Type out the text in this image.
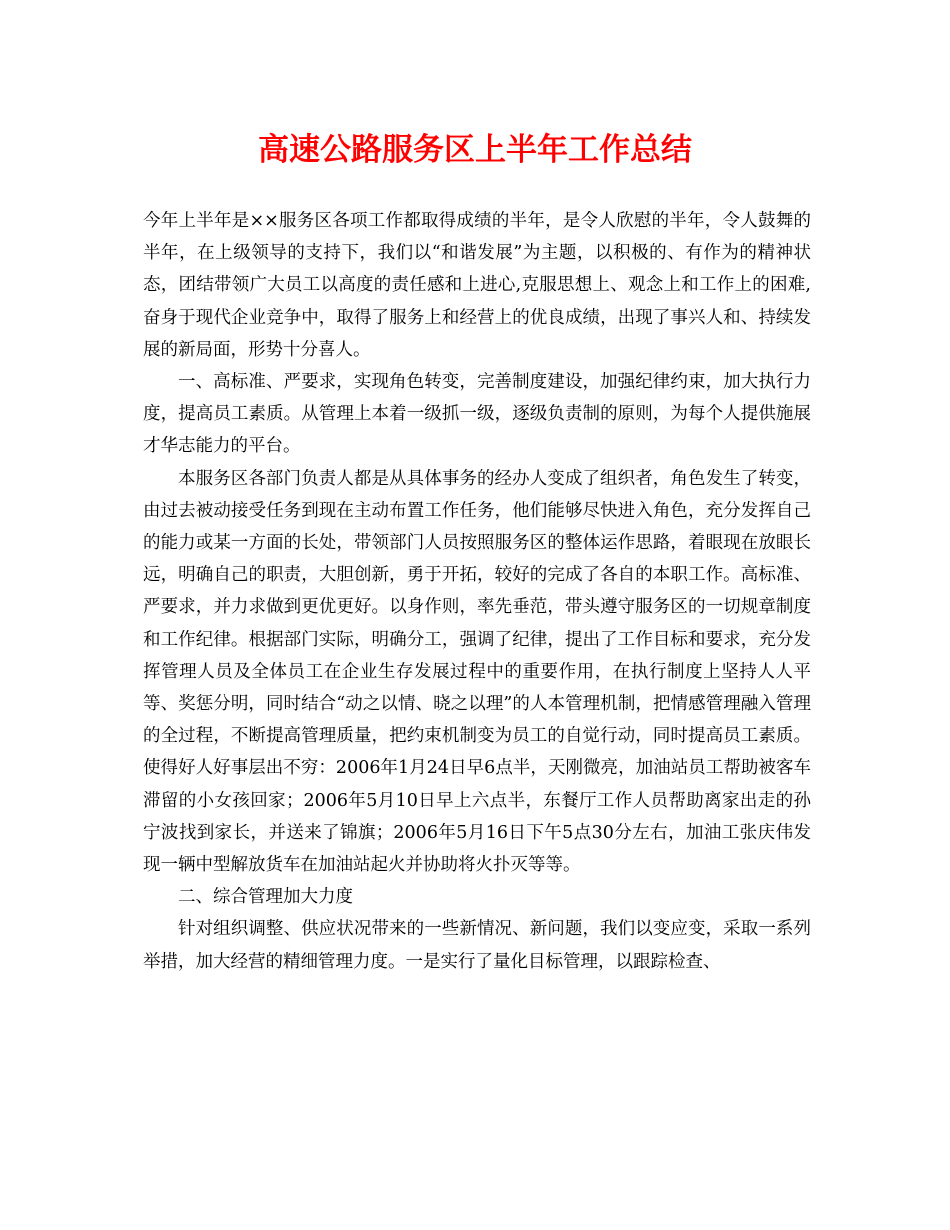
高速公路服务区上半年工作总结

今年上半年是××服务区各项工作都取得成绩的半年，是令人欣慰的半年，令人鼓舞的半年，在上级领导的支持下，我们以“和谐发展”为主题，以积极的、有作为的精神状态，团结带领广大员工以高度的责任感和上进心,克服思想上、观念上和工作上的困难,奋身于现代企业竞争中，取得了服务上和经营上的优良成绩，出现了事兴人和、持续发展的新局面，形势十分喜人。

一、高标准、严要求，实现角色转变，完善制度建设，加强纪律约束，加大执行力度，提高员工素质。从管理上本着一级抓一级，逐级负责制的原则，为每个人提供施展才华志能力的平台。

本服务区各部门负责人都是从具体事务的经办人变成了组织者，角色发生了转变，由过去被动接受任务到现在主动布置工作任务，他们能够尽快进入角色，充分发挥自己的能力或某一方面的长处，带领部门人员按照服务区的整体运作思路，着眼现在放眼长远，明确自己的职责，大胆创新，勇于开拓，较好的完成了各自的本职工作。高标准、严要求，并力求做到更优更好。以身作则，率先垂范，带头遵守服务区的一切规章制度和工作纪律。根据部门实际，明确分工，强调了纪律，提出了工作目标和要求，充分发挥管理人员及全体员工在企业生存发展过程中的重要作用，在执行制度上坚持人人平等、奖惩分明，同时结合“动之以情、晓之以理”的人本管理机制，把情感管理融入管理的全过程，不断提高管理质量，把约束机制变为员工的自觉行动，同时提高员工素质。使得好人好事层出不穷：2006年1月24日早6点半，天刚微亮，加油站员工帮助被客车滞留的小女孩回家；2006年5月10日早上六点半，东餐厅工作人员帮助离家出走的孙宁波找到家长，并送来了锦旗；2006年5月16日下午5点30分左右，加油工张庆伟发现一辆中型解放货车在加油站起火并协助将火扑灭等等。

二、综合管理加大力度

针对组织调整、供应状况带来的一些新情况、新问题，我们以变应变，采取一系列举措，加大经营的精细管理力度。一是实行了量化目标管理，以跟踪检查、
